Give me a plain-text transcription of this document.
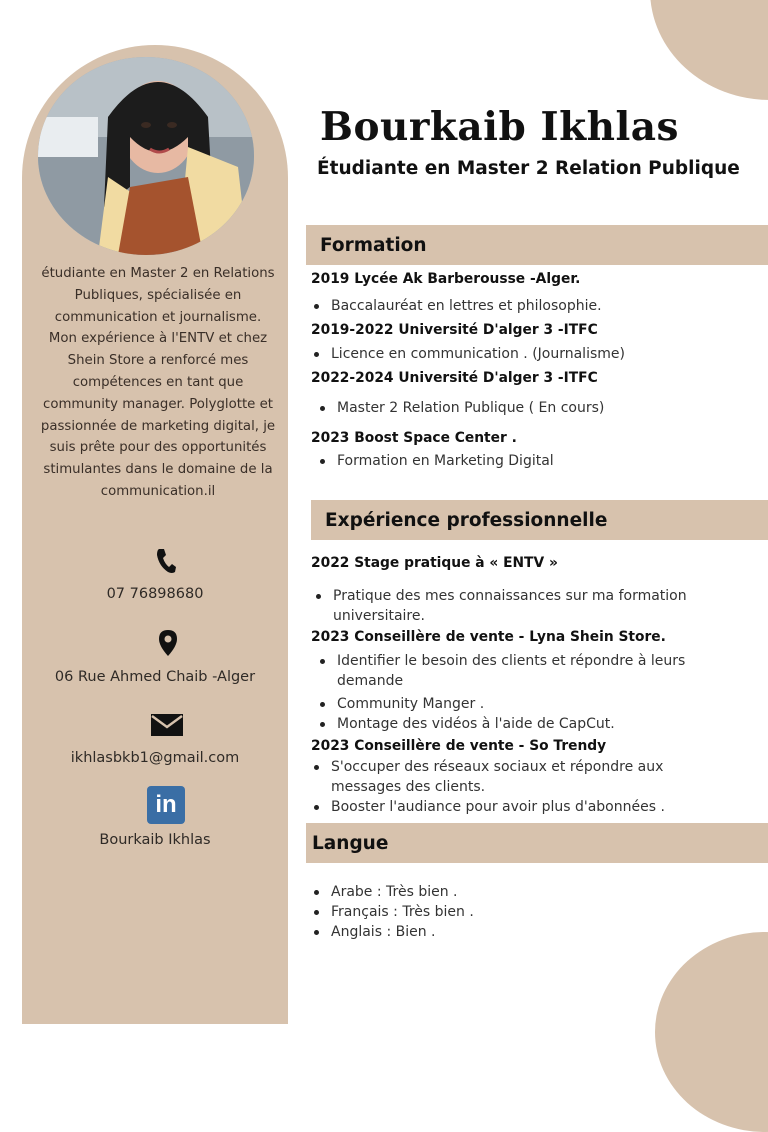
étudiante en Master 2 en Relations Publiques, spécialisée en communication et journalisme. Mon expérience à l'ENTV et chez Shein Store a renforcé mes compétences en tant que community manager. Polyglotte et passionnée de marketing digital, je suis prête pour des opportunités stimulantes dans le domaine de la communication.il
07 76898680
06 Rue Ahmed Chaib -Alger
ikhlasbkb1@gmail.com
in
Bourkaib Ikhlas
Bourkaib Ikhlas
Étudiante en Master 2 Relation Publique
Formation
2019 Lycée Ak Barberousse -Alger.
Baccalauréat en lettres et philosophie.
2019-2022 Université D'alger 3 -ITFC
Licence en communication . (Journalisme)
2022-2024 Université D'alger 3 -ITFC
Master 2 Relation Publique ( En cours)
2023 Boost Space Center .
Formation en Marketing Digital
Expérience professionnelle
2022 Stage pratique à « ENTV »
Pratique des mes connaissances sur ma formation universitaire.
2023 Conseillère de vente - Lyna Shein Store.
Identifier le besoin des clients et répondre à leurs demande
Community Manger .
Montage des vidéos à l'aide de CapCut.
2023 Conseillère de vente - So Trendy
S'occuper des réseaux sociaux et répondre aux messages des clients.
Booster l'audiance pour avoir plus d'abonnées .
Langue
Arabe : Très bien .
Français : Très bien .
Anglais : Bien .
